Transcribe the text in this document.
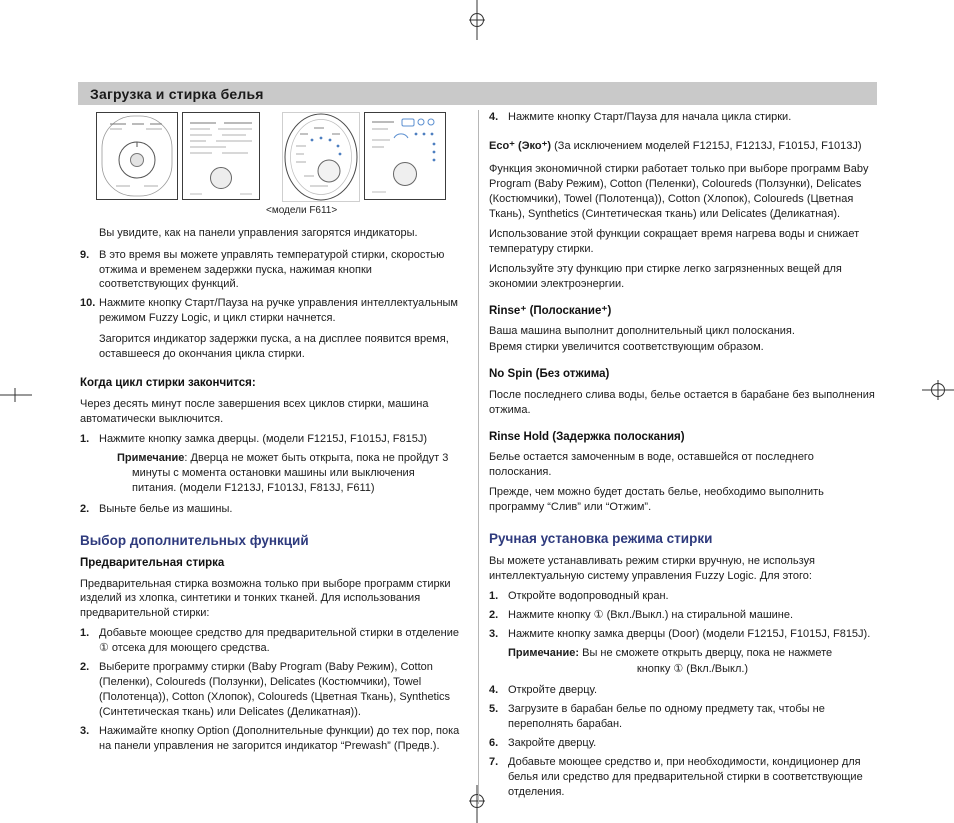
Загрузка и стирка белья
<модели F611>

Вы увидите, как на панели управления загорятся индикаторы.

9. В это время вы можете управлять температурой стирки, скоростью отжима и временем задержки пуска, нажимая кнопки соответствующих функций.
10. Нажмите кнопку Старт/Пауза на ручке управления интеллектуальным режимом Fuzzy Logic, и цикл стирки начнется.
Загорится индикатор задержки пуска, а на дисплее появится время, оставшееся до окончания цикла стирки.
Когда цикл стирки закончится:

Через десять минут после завершения всех циклов стирки, машина автоматически выключится.

1. Нажмите кнопку замка дверцы. (модели F1215J, F1015J, F815J)
Примечание: Дверца не может быть открыта, пока не пройдут 3 минуты с момента остановки машины или выключения питания. (модели F1213J, F1013J, F813J, F611)
2. Выньте белье из машины.
Выбор дополнительных функций
Предварительная стирка

Предварительная стирка возможна только при выборе программ стирки изделий из хлопка, синтетики и тонких тканей. Для использования предварительной стирки:

1. Добавьте моющее средство для предварительной стирки в отделение ① отсека для моющего средства.
2. Выберите программу стирки (Baby Program (Baby Режим), Cotton (Пеленки), Coloureds (Ползунки), Delicates (Костюмчики), Towel (Полотенца)), Cotton (Хлопок), Coloureds (Цветная Ткань), Synthetics (Синтетическая ткань) или Delicates (Деликатная)).
3. Нажимайте кнопку Option (Дополнительные функции) до тех пор, пока на панели управления не загорится индикатор “Prewash” (Предв.).
4. Нажмите кнопку Старт/Пауза для начала цикла стирки.

Eco⁺ (Эко⁺) (За исключением моделей F1215J, F1213J, F1015J, F1013J)

Функция экономичной стирки работает только при выборе программ Baby Program (Baby Режим), Cotton (Пеленки), Coloureds (Ползунки), Delicates (Костюмчики), Towel (Полотенца)), Cotton (Хлопок), Coloureds (Цветная Ткань), Synthetics (Синтетическая ткань) или Delicates (Деликатная).

Использование этой функции сокращает время нагрева воды и снижает температуру стирки.

Используйте эту функцию при стирке легко загрязненных вещей для экономии электроэнергии.

Rinse⁺ (Полоскание⁺)

Ваша машина выполнит дополнительный цикл полоскания.

Время стирки увеличится соответствующим образом.

No Spin (Без отжима)

После последнего слива воды, белье остается в барабане без выполнения отжима.

Rinse Hold (Задержка полоскания)

Белье остается замоченным в воде, оставшейся от последнего полоскания.

Прежде, чем можно будет достать белье, необходимо выполнить программу “Слив” или “Отжим”.

Ручная установка режима стирки

Вы можете устанавливать режим стирки вручную, не используя интеллектуальную систему управления Fuzzy Logic. Для этого:

1. Откройте водопроводный кран.
2. Нажмите кнопку ① (Вкл./Выкл.) на стиральной машине.
3. Нажмите кнопку замка дверцы (Door) (модели F1215J, F1015J, F815J).
Примечание: Вы не сможете открыть дверцу, пока не нажмете
кнопку ① (Вкл./Выкл.)
4. Откройте дверцу.
5. Загрузите в барабан белье по одному предмету так, чтобы не переполнять барабан.
6. Закройте дверцу.
7. Добавьте моющее средство и, при необходимости, кондиционер для белья или средство для предварительной стирки в соответствующие отделения.
